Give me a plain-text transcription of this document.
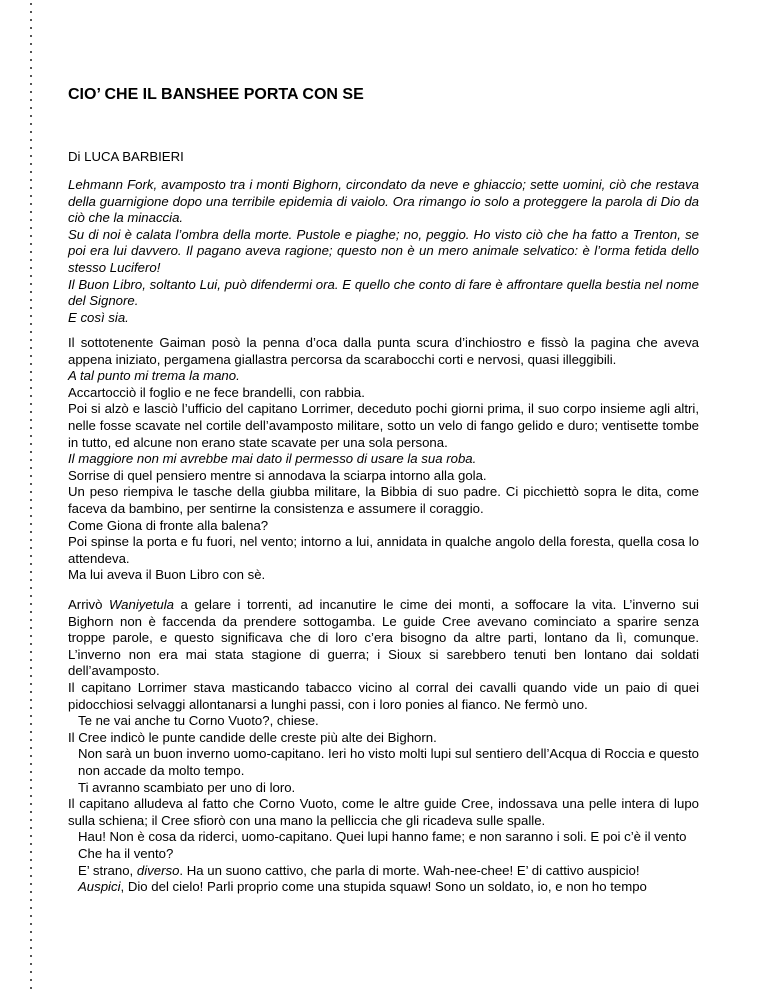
CIO’ CHE IL BANSHEE PORTA CON SE

Di LUCA BARBIERI

Lehmann Fork, avamposto tra i monti Bighorn, circondato da neve e ghiaccio; sette uomini, ciò che restava della guarnigione dopo una terribile epidemia di vaiolo. Ora rimango io solo a proteggere la parola di Dio da ciò che la minaccia.

Su di noi è calata l’ombra della morte. Pustole e piaghe; no, peggio. Ho visto ciò che ha fatto a Trenton, se poi era lui davvero. Il pagano aveva ragione; questo non è un mero animale selvatico: è l’orma fetida dello stesso Lucifero!

Il Buon Libro, soltanto Lui, può difendermi ora. E quello che conto di fare è affrontare quella bestia nel nome del Signore.

E così sia.

Il sottotenente Gaiman posò la penna d’oca dalla punta scura d’inchiostro e fissò la pagina che aveva appena iniziato, pergamena giallastra percorsa da scarabocchi corti e nervosi, quasi illeggibili.

A tal punto mi trema la mano.

Accartocciò il foglio e ne fece brandelli, con rabbia.

Poi si alzò e lasciò l’ufficio del capitano Lorrimer, deceduto pochi giorni prima, il suo corpo insieme agli altri, nelle fosse scavate nel cortile dell’avamposto militare, sotto un velo di fango gelido e duro; ventisette tombe in tutto, ed alcune non erano state scavate per una sola persona.

Il maggiore non mi avrebbe mai dato il permesso di usare la sua roba.

Sorrise di quel pensiero mentre si annodava la sciarpa intorno alla gola.

Un peso riempiva le tasche della giubba militare, la Bibbia di suo padre. Ci picchiettò sopra le dita, come faceva da bambino, per sentirne la consistenza e assumere il coraggio.

Come Giona di fronte alla balena?

Poi spinse la porta e fu fuori, nel vento; intorno a lui, annidata in qualche angolo della foresta, quella cosa lo attendeva.

Ma lui aveva il Buon Libro con sè.

Arrivò Waniyetula a gelare i torrenti, ad incanutire le cime dei monti, a soffocare la vita. L’inverno sui Bighorn non è faccenda da prendere sottogamba. Le guide Cree avevano cominciato a sparire senza troppe parole, e questo significava che di loro c’era bisogno da altre parti, lontano da lì, comunque. L’inverno non era mai stata stagione di guerra; i Sioux si sarebbero tenuti ben lontano dai soldati dell’avamposto.

Il capitano Lorrimer stava masticando tabacco vicino al corral dei cavalli quando vide un paio di quei pidocchiosi selvaggi allontanarsi a lunghi passi, con i loro ponies al fianco. Ne fermò uno.

Te ne vai anche tu Corno Vuoto?, chiese.

Il Cree indicò le punte candide delle creste più alte dei Bighorn.

Non sarà un buon inverno uomo-capitano. Ieri ho visto molti lupi sul sentiero dell’Acqua di Roccia e questo non accade da molto tempo.

Ti avranno scambiato per uno di loro.

Il capitano alludeva al fatto che Corno Vuoto, come le altre guide Cree, indossava una pelle intera di lupo sulla schiena; il Cree sfiorò con una mano la pelliccia che gli ricadeva sulle spalle.

Hau! Non è cosa da riderci, uomo-capitano. Quei lupi hanno fame; e non saranno i soli. E poi c’è il vento

Che ha il vento?

E’ strano, diverso. Ha un suono cattivo, che parla di morte. Wah-nee-chee! E’ di cattivo auspicio!

Auspici, Dio del cielo! Parli proprio come una stupida squaw! Sono un soldato, io, e non ho tempo
